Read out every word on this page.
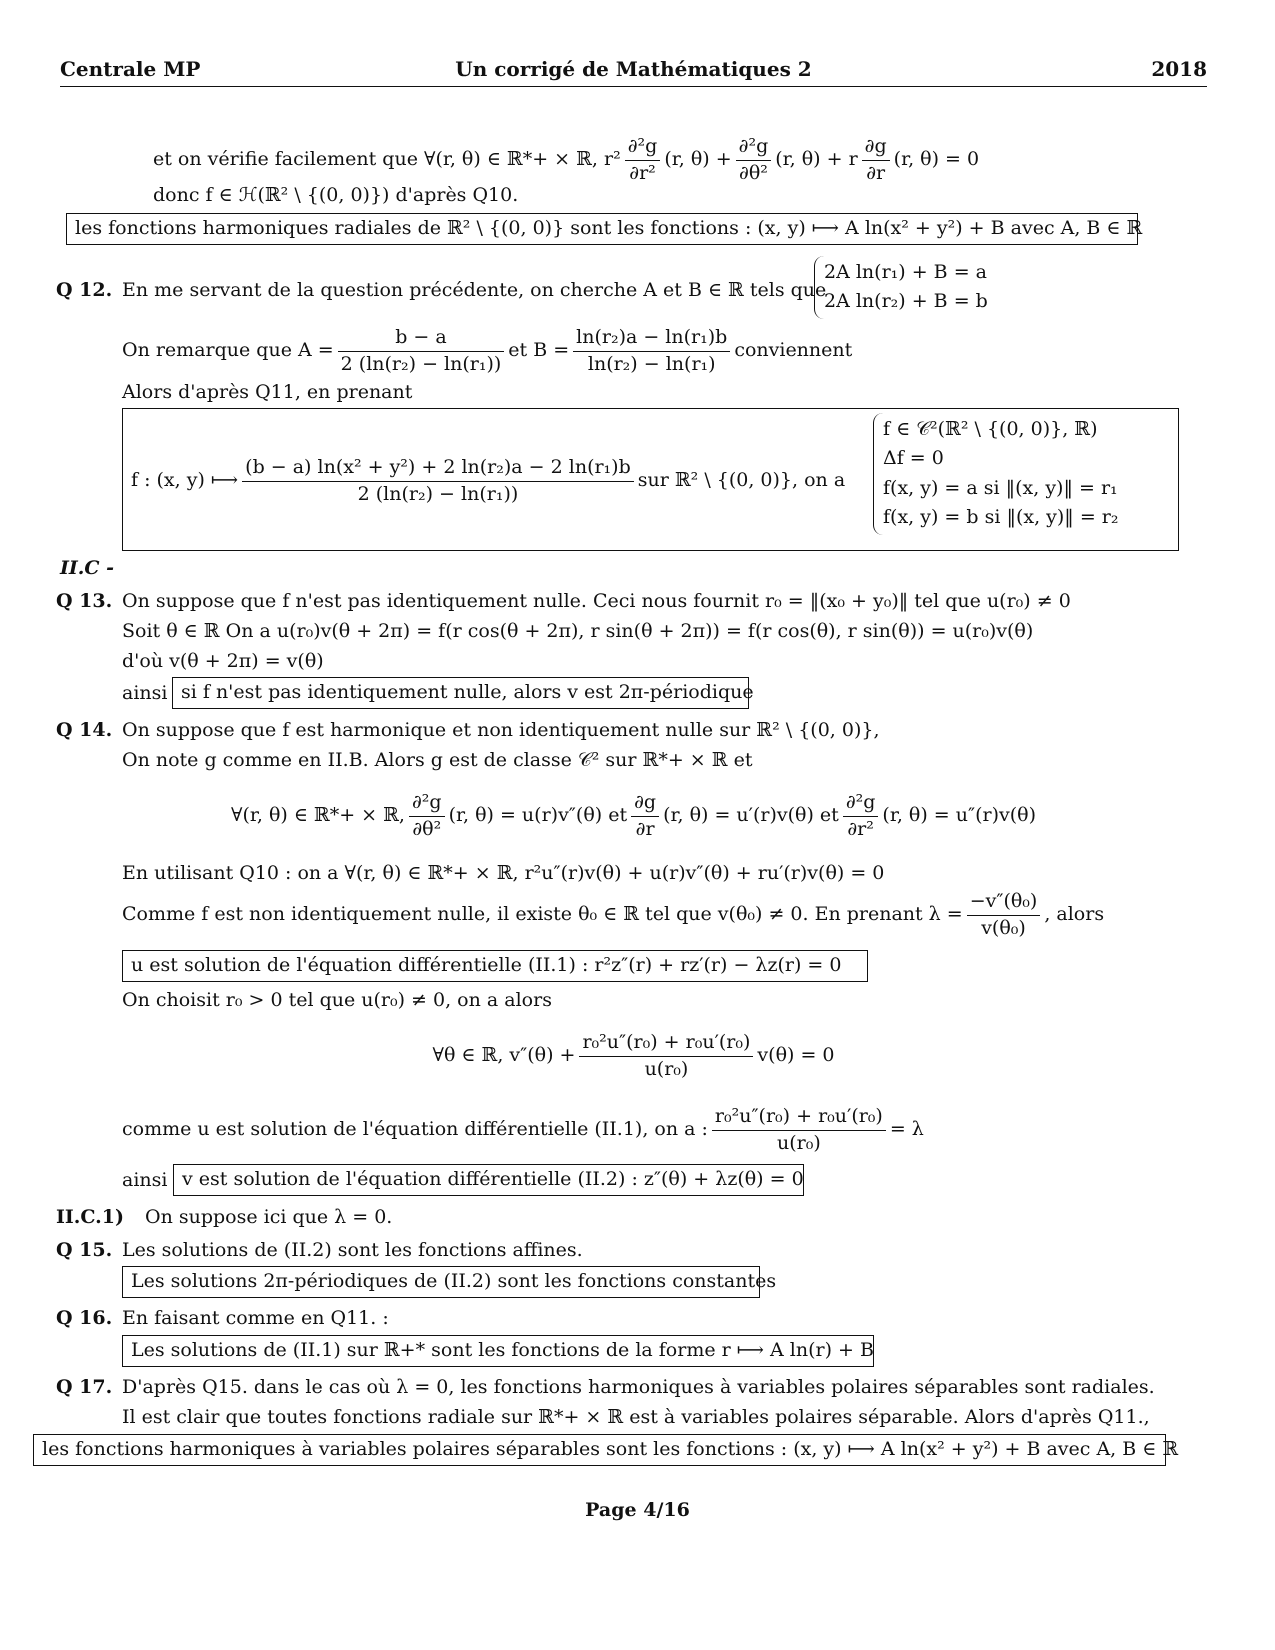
Centrale MP	Un corrigé de Mathématiques 2	2018
et on vérifie facilement que ∀(r, θ) ∈ ℝ*+ × ℝ, $r^2 \frac{\text{∂²g}}{\text{∂r²}} (r$, $\theta) + \frac{\text{∂²g}}{\text{∂θ²}} (r$, θ) + r $\frac{\partial g}{\partial r} (r$, θ) = 0
donc f ∈ ℋ(ℝ² \ {(0, 0)}) d'après Q10.
les fonctions harmoniques radiales de ℝ² \ {(0, 0)} sont les fonctions : (x, y) ⟼ A ln(x² + y²) + B avec A, B ∈ ℝ
Q 12. En me servant de la question précédente, on cherche A et B ∈ ℝ tels que
2A ln(r₁) + B = a
2A ln(r₂) + B = b
On remarque que $A = \frac{b - a}{\text{2 (ln(r₂) − ln(r₁))}}$ et $B = \frac{\text{ln(r₂)a − ln(r₁)b}}{\text{ln(r₂) − ln(r₁)}}$ conviennent
Alors d'après Q11, en prenant
f : (x, y) ⟼ $\frac{\text{(b − a) ln(x² + y²) + 2 ln(r₂)a − 2 ln(r₁)b}}{\text{2 (ln(r₂) − ln(r₁))}}$ sur ℝ² \ {(0, 0)}, on a
f ∈ 𝒞²(ℝ² \ {(0, 0)}, ℝ)
Δf = 0
f(x, y) = a si ‖(x, y)‖ = r₁
f(x, y) = b si ‖(x, y)‖ = r₂
II.C -
Q 13. On suppose que f n'est pas identiquement nulle. Ceci nous fournit r₀ = ‖(x₀ + y₀)‖ tel que u(r₀) ≠ 0
Soit θ ∈ ℝ On a u(r₀)v(θ + 2π) = f(r cos(θ + 2π), r sin(θ + 2π)) = f(r cos(θ), r sin(θ)) = u(r₀)v(θ)
d'où v(θ + 2π) = v(θ)
ainsi si f n'est pas identiquement nulle, alors v est 2π-périodique
Q 14. On suppose que f est harmonique et non identiquement nulle sur ℝ² \ {(0, 0)},
On note g comme en II.B. Alors g est de classe 𝒞² sur ℝ*+ × ℝ et
∀(r, θ) ∈ ℝ*+ × ℝ, $\frac{\text{∂²g}}{\text{∂θ²}} (r$, θ) = u(r)v″(θ) et $\frac{\partial g}{\partial r} (r$, θ) = u′(r)v(θ) et $\frac{\text{∂²g}}{\text{∂r²}} (r$, θ) = u″(r)v(θ)
En utilisant Q10 : on a ∀(r, θ) ∈ ℝ*+ × ℝ, r²u″(r)v(θ) + u(r)v″(θ) + ru′(r)v(θ) = 0
Comme f est non identiquement nulle, il existe θ₀ ∈ ℝ tel que v(θ₀) ≠ 0. En prenant $\lambda = \frac{\text{−v″(θ₀)}}{\text{v(θ₀)}}$ , alors
u est solution de l'équation différentielle (II.1) : r²z″(r) + rz′(r) − λz(r) = 0
On choisit r₀ > 0 tel que u(r₀) ≠ 0, on a alors
∀θ ∈ ℝ, $v''(\theta) + \frac{\text{r₀²u″(r₀) + r₀u′(r₀)}}{\text{u(r₀)}} v(\theta) = 0$
comme u est solution de l'équation différentielle (II.1), on a : $\frac{\text{r₀²u″(r₀) + r₀u′(r₀)}}{\text{u(r₀)}} = \lambda$
ainsi v est solution de l'équation différentielle (II.2) : z″(θ) + λz(θ) = 0
II.C.1) On suppose ici que λ = 0.
Q 15. Les solutions de (II.2) sont les fonctions affines.
Les solutions 2π-périodiques de (II.2) sont les fonctions constantes
Q 16. En faisant comme en Q11. :
Les solutions de (II.1) sur ℝ+* sont les fonctions de la forme r ⟼ A ln(r) + B
Q 17. D'après Q15. dans le cas où λ = 0, les fonctions harmoniques à variables polaires séparables sont radiales.
Il est clair que toutes fonctions radiale sur ℝ*+ × ℝ est à variables polaires séparable. Alors d'après Q11.,
les fonctions harmoniques à variables polaires séparables sont les fonctions : (x, y) ⟼ A ln(x² + y²) + B avec A, B ∈ ℝ
Page 4/16
